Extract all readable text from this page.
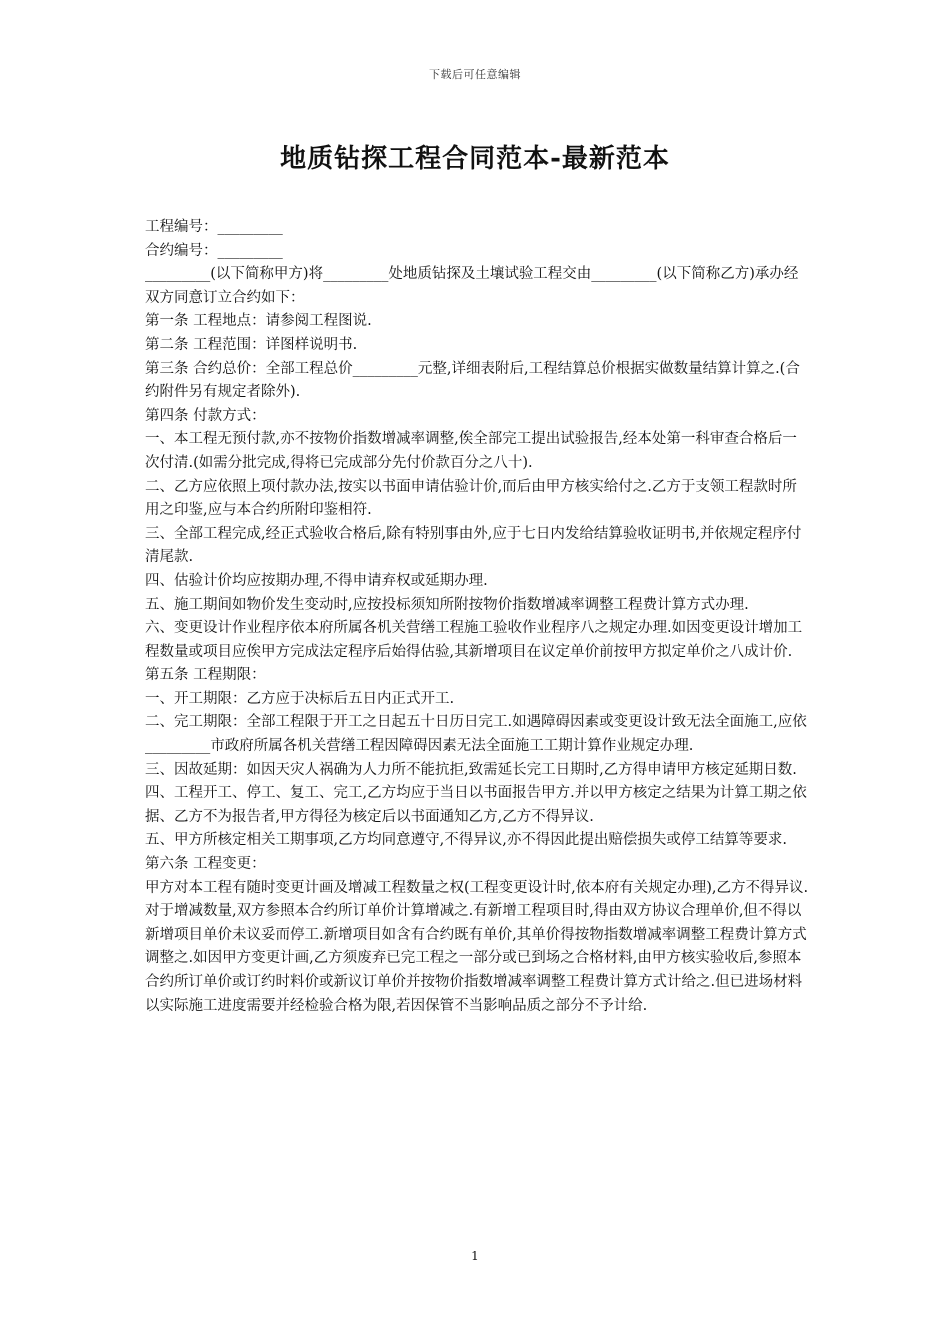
下载后可任意编辑
地质钻探工程合同范本-最新范本

工程编号：_________

合约编号：_________

_________(以下简称甲方)将_________处地质钻探及土壤试验工程交由_________(以下简称乙方)承办经双方同意订立合约如下：

第一条 工程地点：请参阅工程图说.

第二条 工程范围：详图样说明书.

第三条 合约总价：全部工程总价_________元整,详细表附后,工程结算总价根据实做数量结算计算之.(合约附件另有规定者除外).

第四条 付款方式：

一、本工程无预付款,亦不按物价指数增减率调整,俟全部完工提出试验报告,经本处第一科审查合格后一次付清.(如需分批完成,得将已完成部分先付价款百分之八十).

二、乙方应依照上项付款办法,按实以书面申请估验计价,而后由甲方核实给付之.乙方于支领工程款时所用之印鉴,应与本合约所附印鉴相符.

三、全部工程完成,经正式验收合格后,除有特别事由外,应于七日内发给结算验收证明书,并依规定程序付清尾款.

四、估验计价均应按期办理,不得申请弃权或延期办理.

五、施工期间如物价发生变动时,应按投标须知所附按物价指数增减率调整工程费计算方式办理.

六、变更设计作业程序依本府所属各机关营缮工程施工验收作业程序八之规定办理.如因变更设计增加工程数量或项目应俟甲方完成法定程序后始得估验,其新增项目在议定单价前按甲方拟定单价之八成计价.

第五条 工程期限：

一、开工期限：乙方应于决标后五日内正式开工.

二、完工期限：全部工程限于开工之日起五十日历日完工.如遇障碍因素或变更设计致无法全面施工,应依_________市政府所属各机关营缮工程因障碍因素无法全面施工工期计算作业规定办理.

三、因故延期：如因天灾人祸确为人力所不能抗拒,致需延长完工日期时,乙方得申请甲方核定延期日数.

四、工程开工、停工、复工、完工,乙方均应于当日以书面报告甲方.并以甲方核定之结果为计算工期之依据、乙方不为报告者,甲方得径为核定后以书面通知乙方,乙方不得异议.

五、甲方所核定相关工期事项,乙方均同意遵守,不得异议,亦不得因此提出赔偿损失或停工结算等要求.

第六条 工程变更：

甲方对本工程有随时变更计画及增减工程数量之权(工程变更设计时,依本府有关规定办理),乙方不得异议.对于增减数量,双方参照本合约所订单价计算增减之.有新增工程项目时,得由双方协议合理单价,但不得以新增项目单价未议妥而停工.新增项目如含有合约既有单价,其单价得按物指数增减率调整工程费计算方式调整之.如因甲方变更计画,乙方须废弃已完工程之一部分或已到场之合格材料,由甲方核实验收后,参照本合约所订单价或订约时料价或新议订单价并按物价指数增减率调整工程费计算方式计给之.但已进场材料以实际施工进度需要并经检验合格为限,若因保管不当影响品质之部分不予计给.

1
